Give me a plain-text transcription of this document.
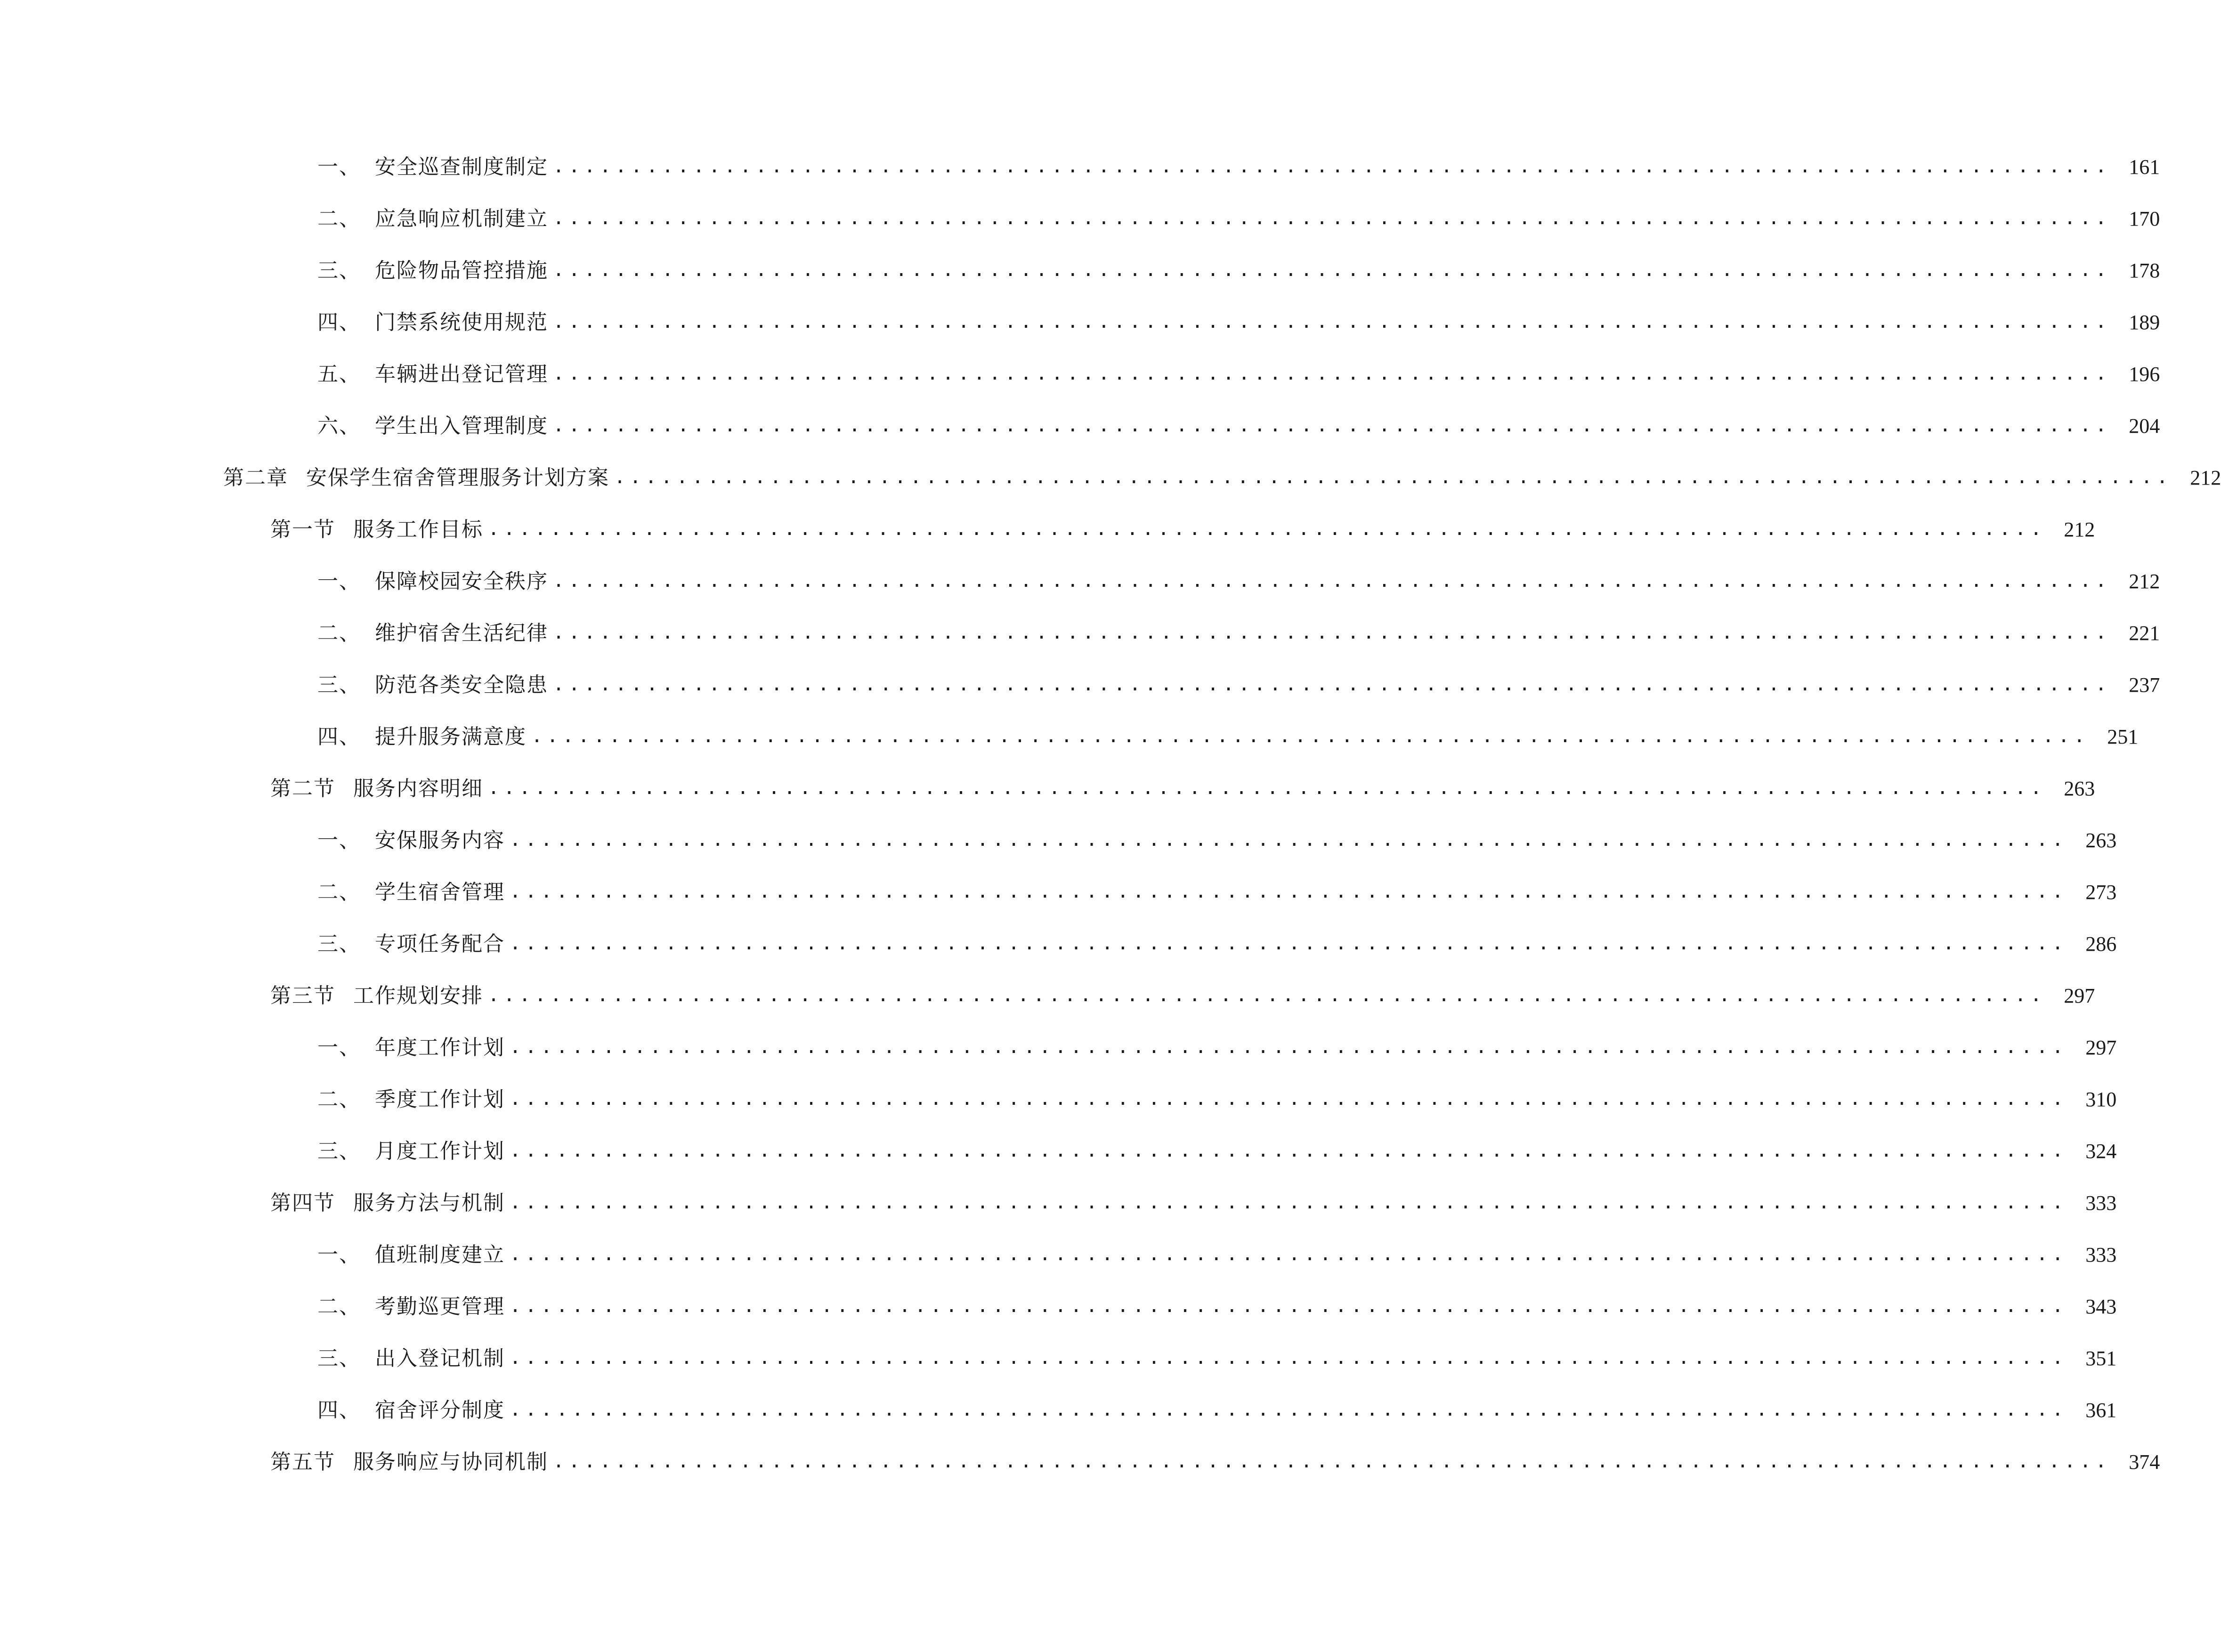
一、 安全巡查制度制定 .................................................................................................... 161
二、 应急响应机制建立 .................................................................................................... 170
三、 危险物品管控措施 .................................................................................................... 178
四、 门禁系统使用规范 .................................................................................................... 189
五、 车辆进出登记管理 .................................................................................................... 196
六、 学生出入管理制度 .................................................................................................... 204
第二章 安保学生宿舍管理服务计划方案 .................................................................................................... 212
第一节 服务工作目标 .................................................................................................... 212
一、 保障校园安全秩序 .................................................................................................... 212
二、 维护宿舍生活纪律 .................................................................................................... 221
三、 防范各类安全隐患 .................................................................................................... 237
四、 提升服务满意度 .................................................................................................... 251
第二节 服务内容明细 .................................................................................................... 263
一、 安保服务内容 .................................................................................................... 263
二、 学生宿舍管理 .................................................................................................... 273
三、 专项任务配合 .................................................................................................... 286
第三节 工作规划安排 .................................................................................................... 297
一、 年度工作计划 .................................................................................................... 297
二、 季度工作计划 .................................................................................................... 310
三、 月度工作计划 .................................................................................................... 324
第四节 服务方法与机制 .................................................................................................... 333
一、 值班制度建立 .................................................................................................... 333
二、 考勤巡更管理 .................................................................................................... 343
三、 出入登记机制 .................................................................................................... 351
四、 宿舍评分制度 .................................................................................................... 361
第五节 服务响应与协同机制 .................................................................................................... 374
